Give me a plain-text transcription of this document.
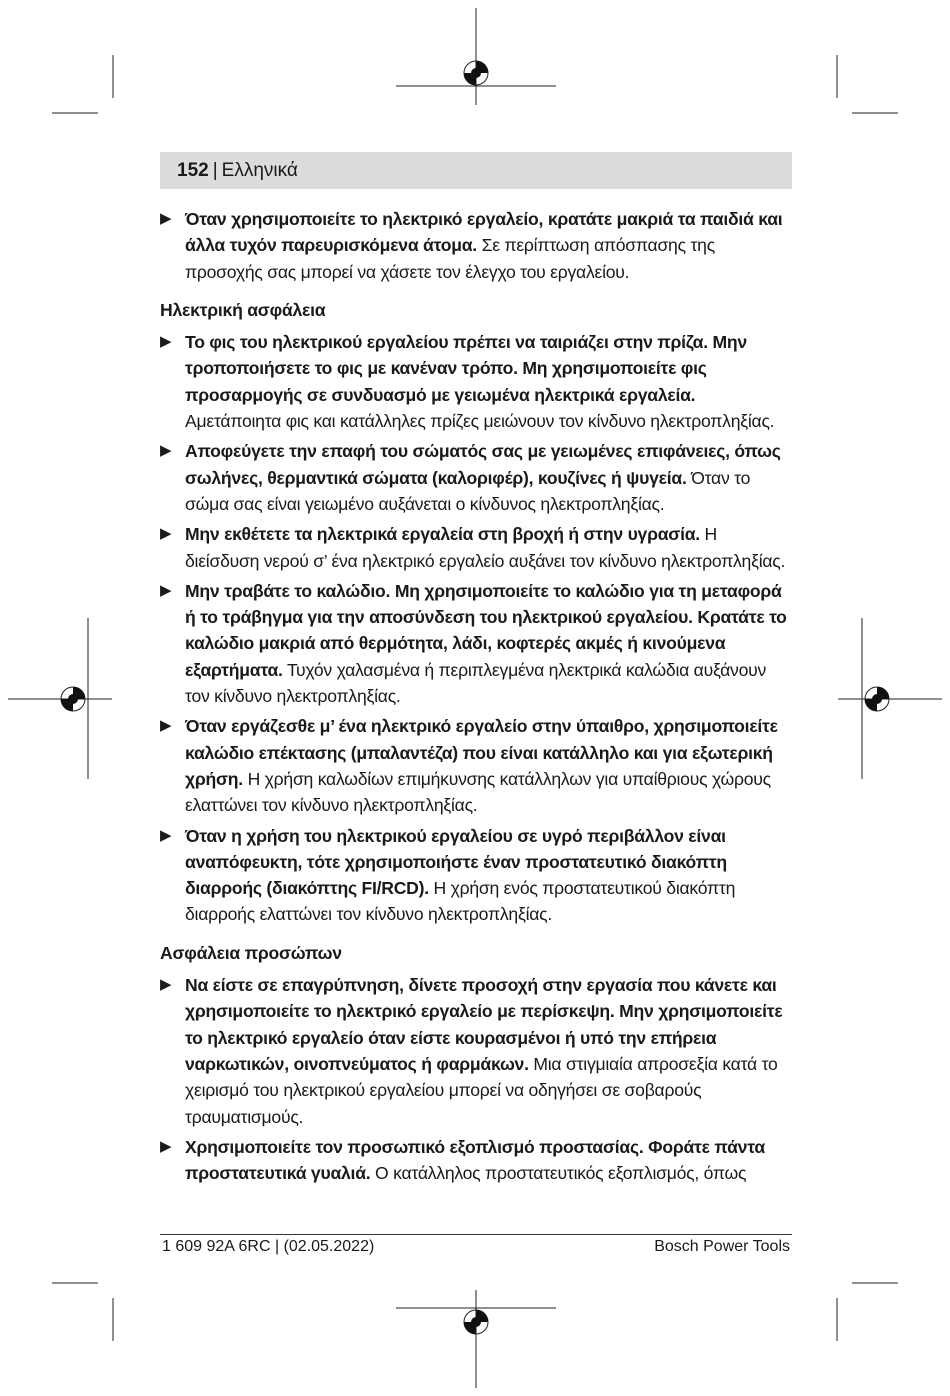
152 | Ελληνικά
▶ Όταν χρησιμοποιείτε το ηλεκτρικό εργαλείο, κρατάτε μακριά τα παιδιά και άλλα τυχόν παρευρισκόμενα άτομα. Σε περίπτωση απόσπασης της προσοχής σας μπορεί να χάσετε τον έλεγχο του εργαλείου.
Ηλεκτρική ασφάλεια
▶ Το φις του ηλεκτρικού εργαλείου πρέπει να ταιριάζει στην πρίζα. Μην τροποποιήσετε το φις με κανέναν τρόπο. Μη χρησιμοποιείτε φις προσαρμογής σε συνδυασμό με γειωμένα ηλεκτρικά εργαλεία. Αμετάποιητα φις και κατάλληλες πρίζες μειώνουν τον κίνδυνο ηλεκτροπληξίας.
▶ Αποφεύγετε την επαφή του σώματός σας με γειωμένες επιφάνειες, όπως σωλήνες, θερμαντικά σώματα (καλοριφέρ), κουζίνες ή ψυγεία. Όταν το σώμα σας είναι γειωμένο αυξάνεται ο κίνδυνος ηλεκτροπληξίας.
▶ Μην εκθέτετε τα ηλεκτρικά εργαλεία στη βροχή ή στην υγρασία. Η διείσδυση νερού σ’ ένα ηλεκτρικό εργαλείο αυξάνει τον κίνδυνο ηλεκτροπληξίας.
▶ Μην τραβάτε το καλώδιο. Μη χρησιμοποιείτε το καλώδιο για τη μεταφορά ή το τράβηγμα για την αποσύνδεση του ηλεκτρικού εργαλείου. Κρατάτε το καλώδιο μακριά από θερμότητα, λάδι, κοφτερές ακμές ή κινούμενα εξαρτήματα. Τυχόν χαλασμένα ή περιπλεγμένα ηλεκτρικά καλώδια αυξάνουν τον κίνδυνο ηλεκτροπληξίας.
▶ Όταν εργάζεσθε μ’ ένα ηλεκτρικό εργαλείο στην ύπαιθρο, χρησιμοποιείτε καλώδιο επέκτασης (μπαλαντέζα) που είναι κατάλληλο και για εξωτερική χρήση. Η χρήση καλωδίων επιμήκυνσης κατάλληλων για υπαίθριους χώρους ελαττώνει τον κίνδυνο ηλεκτροπληξίας.
▶ Όταν η χρήση του ηλεκτρικού εργαλείου σε υγρό περιβάλλον είναι αναπόφευκτη, τότε χρησιμοποιήστε έναν προστατευτικό διακόπτη διαρροής (διακόπτης FI/RCD). Η χρήση ενός προστατευτικού διακόπτη διαρροής ελαττώνει τον κίνδυνο ηλεκτροπληξίας.
Ασφάλεια προσώπων
▶ Να είστε σε επαγρύπνηση, δίνετε προσοχή στην εργασία που κάνετε και χρησιμοποιείτε το ηλεκτρικό εργαλείο με περίσκεψη. Μην χρησιμοποιείτε το ηλεκτρικό εργαλείο όταν είστε κουρασμένοι ή υπό την επήρεια ναρκωτικών, οινοπνεύματος ή φαρμάκων. Μια στιγμιαία απροσεξία κατά το χειρισμό του ηλεκτρικού εργαλείου μπορεί να οδηγήσει σε σοβαρούς τραυματισμούς.
▶ Χρησιμοποιείτε τον προσωπικό εξοπλισμό προστασίας. Φοράτε πάντα προστατευτικά γυαλιά. Ο κατάλληλος προστατευτικός εξοπλισμός, όπως
1 609 92A 6RC | (02.05.2022)	Bosch Power Tools
